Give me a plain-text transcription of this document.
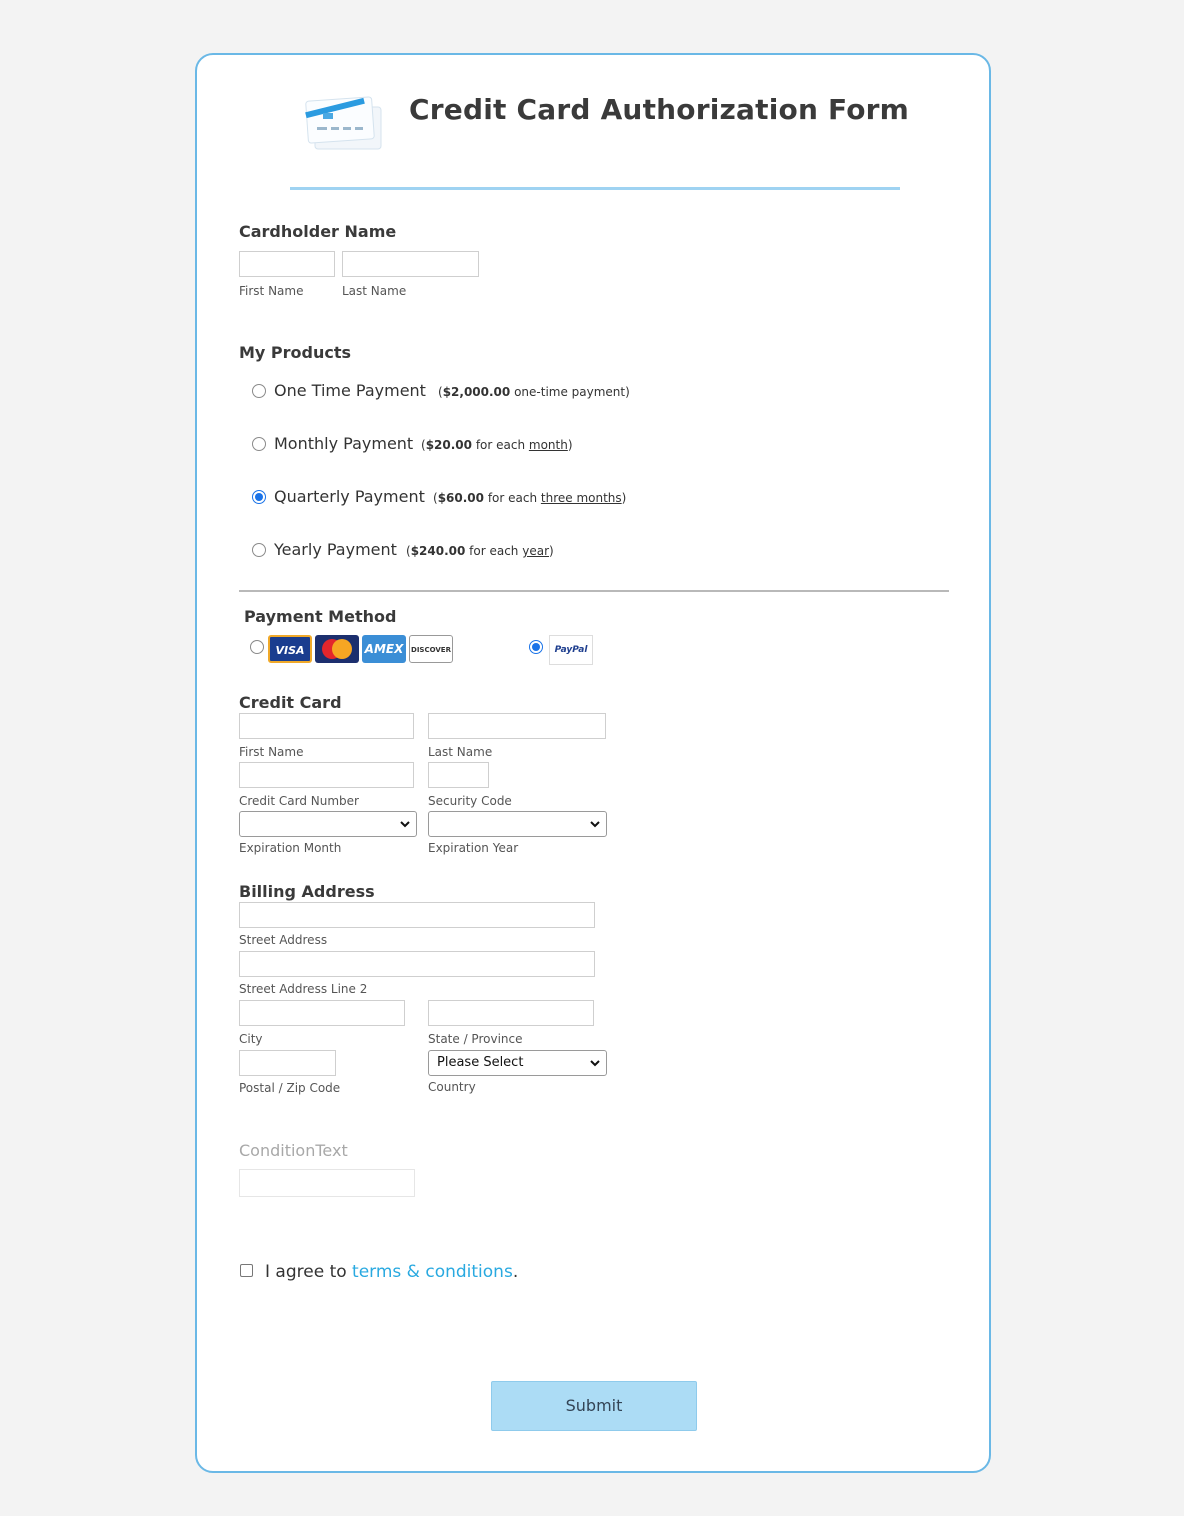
Credit Card Authorization Form
Cardholder Name
First Name	Last Name
My Products
One Time Payment ($2,000.00 one-time payment)
Monthly Payment ($20.00 for each month)
Quarterly Payment ($60.00 for each three months)
Yearly Payment ($240.00 for each year)
Payment Method
VISA	AMEX	DISCOVER	PayPal
Credit Card
First Name	Last Name
Credit Card Number	Security Code
Expiration Month	Expiration Year
Billing Address
Street Address
Street Address Line 2
City	State / Province
Please Select
Postal / Zip Code	Country
ConditionText
I agree to terms & conditions.
Submit
